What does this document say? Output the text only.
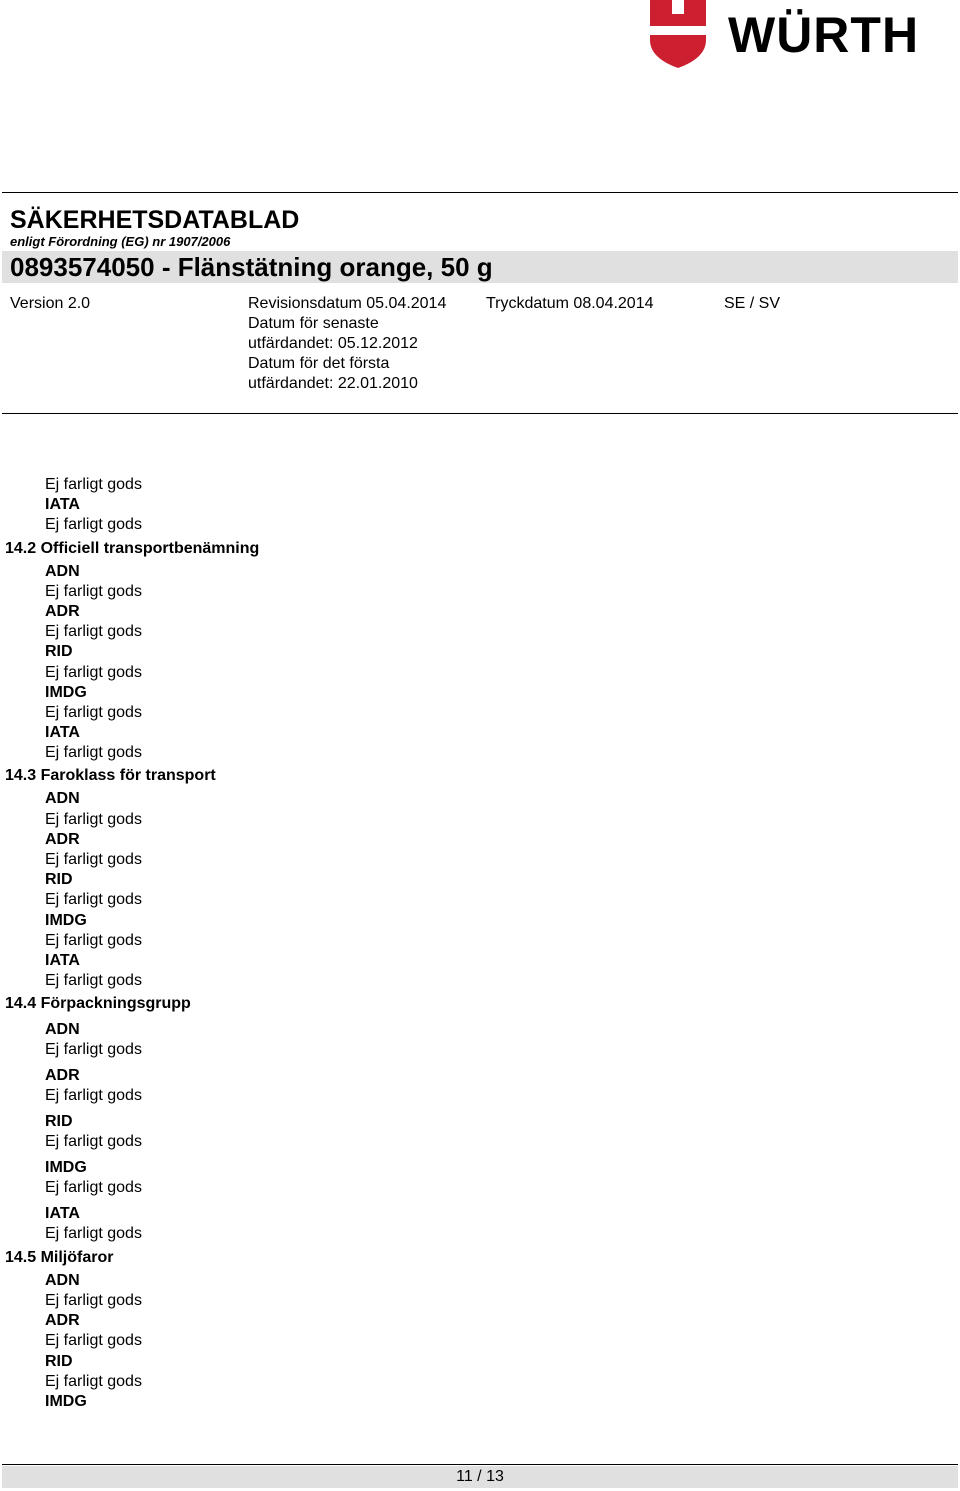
WÜRTH
SÄKERHETSDATABLAD
enligt Förordning (EG) nr 1907/2006
0893574050 - Flänstätning orange, 50 g
Version 2.0	Revisionsdatum 05.04.2014
Datum för senaste
utfärdandet: 05.12.2012
Datum för det första
utfärdandet: 22.01.2010
Tryckdatum 08.04.2014	SE / SV
Ej farligt gods
IATA
Ej farligt gods
14.2 Officiell transportbenämning
ADN
Ej farligt gods
ADR
Ej farligt gods
RID
Ej farligt gods
IMDG
Ej farligt gods
IATA
Ej farligt gods
14.3 Faroklass för transport
ADN
Ej farligt gods
ADR
Ej farligt gods
RID
Ej farligt gods
IMDG
Ej farligt gods
IATA
Ej farligt gods
14.4 Förpackningsgrupp
ADN
Ej farligt gods
ADR
Ej farligt gods
RID
Ej farligt gods
IMDG
Ej farligt gods
IATA
Ej farligt gods
14.5 Miljöfaror
ADN
Ej farligt gods
ADR
Ej farligt gods
RID
Ej farligt gods
IMDG
11 / 13
